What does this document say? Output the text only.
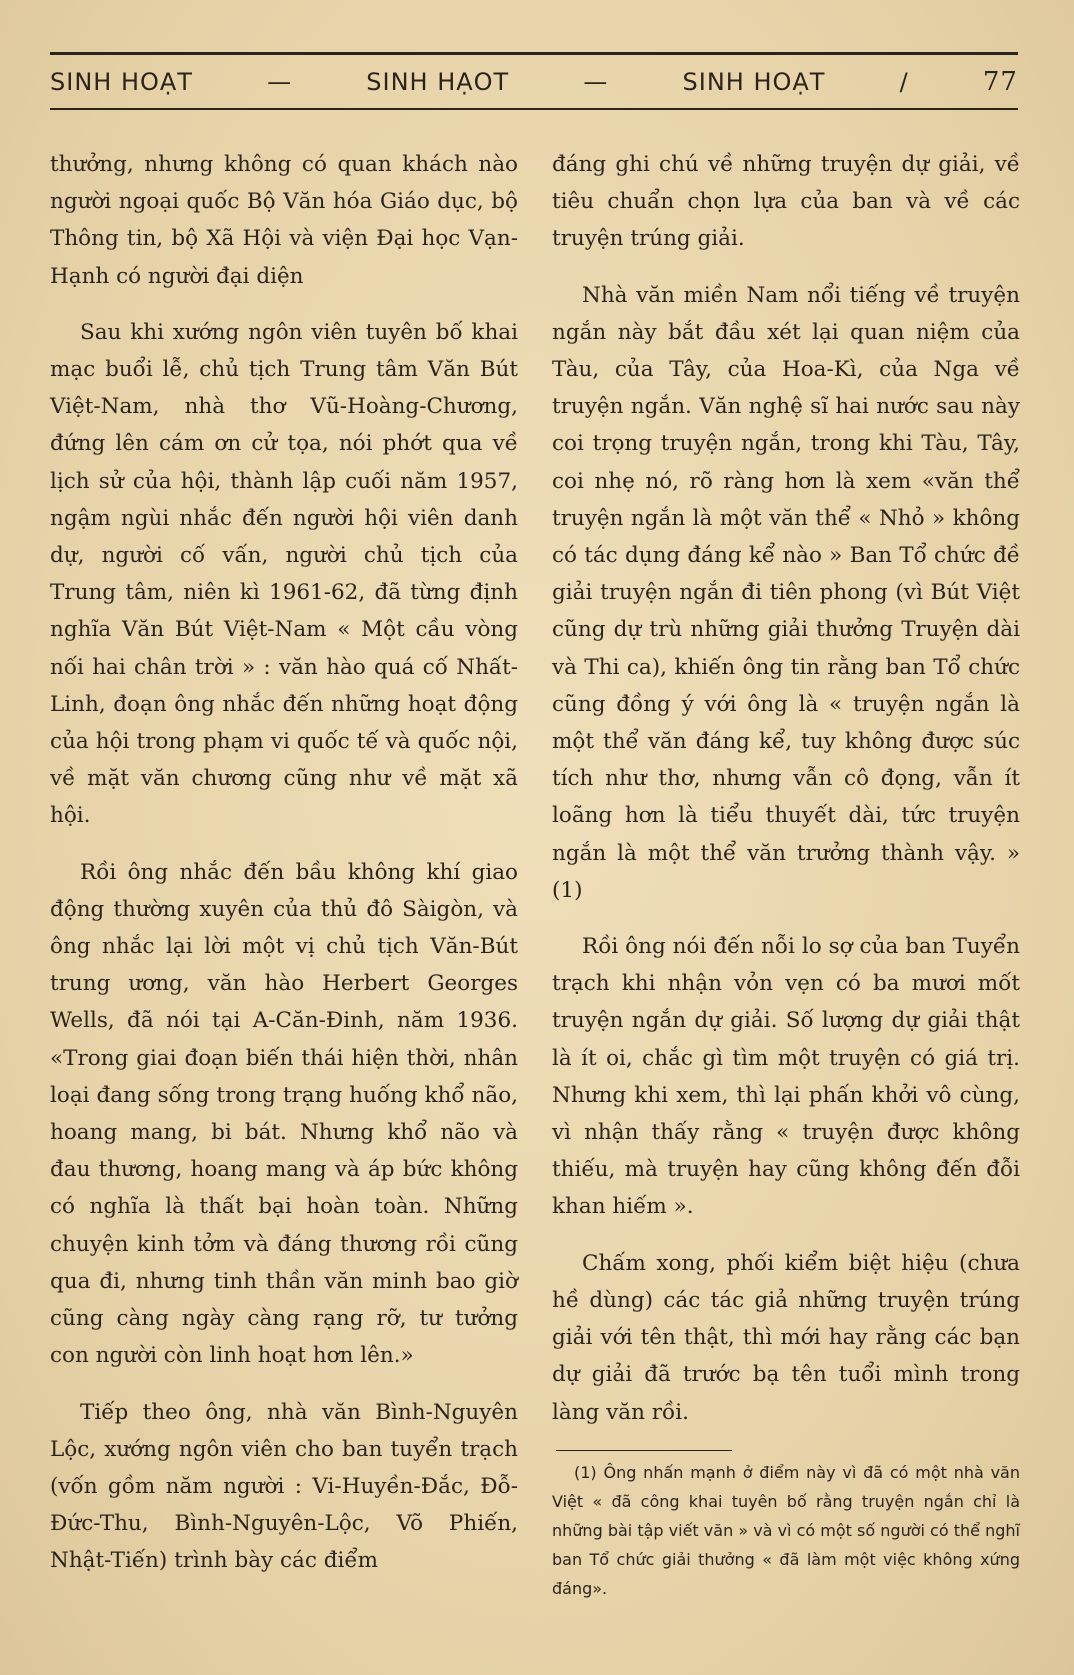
SINH HOẠT	—	SINH HẠOT	—	SINH HOẠT	/	77

thưởng, nhưng không có quan khách nào người ngoại quốc Bộ Văn hóa Giáo dục, bộ Thông tin, bộ Xã Hội và viện Đại học Vạn-Hạnh có người đại diện

Sau khi xướng ngôn viên tuyên bố khai mạc buổi lễ, chủ tịch Trung tâm Văn Bút Việt-Nam, nhà thơ Vũ-Hoàng-Chương, đứng lên cám ơn cử tọa, nói phớt qua về lịch sử của hội, thành lập cuối năm 1957, ngậm ngùi nhắc đến người hội viên danh dự, người cố vấn, người chủ tịch của Trung tâm, niên kì 1961-62, đã từng định nghĩa Văn Bút Việt-Nam « Một cầu vòng nối hai chân trời » : văn hào quá cố Nhất-Linh, đoạn ông nhắc đến những hoạt động của hội trong phạm vi quốc tế và quốc nội, về mặt văn chương cũng như về mặt xã hội.

Rồi ông nhắc đến bầu không khí giao động thường xuyên của thủ đô Sàigòn, và ông nhắc lại lời một vị chủ tịch Văn-Bút trung ương, văn hào Herbert Georges Wells, đã nói tại A-Căn-Đinh, năm 1936. «Trong giai đoạn biến thái hiện thời, nhân loại đang sống trong trạng huống khổ não, hoang mang, bi bát. Nhưng khổ não và đau thương, hoang mang và áp bức không có nghĩa là thất bại hoàn toàn. Những chuyện kinh tởm và đáng thương rồi cũng qua đi, nhưng tinh thần văn minh bao giờ cũng càng ngày càng rạng rỡ, tư tưởng con người còn linh hoạt hơn lên.»

Tiếp theo ông, nhà văn Bình-Nguyên Lộc, xướng ngôn viên cho ban tuyển trạch (vốn gồm năm người : Vi-Huyền-Đắc, Đỗ-Đức-Thu, Bình-Nguyên-Lộc, Võ Phiến, Nhật-Tiến) trình bày các điểm

đáng ghi chú về những truyện dự giải, về tiêu chuẩn chọn lựa của ban và về các truyện trúng giải.

Nhà văn miền Nam nổi tiếng về truyện ngắn này bắt đầu xét lại quan niệm của Tàu, của Tây, của Hoa-Kì, của Nga về truyện ngắn. Văn nghệ sĩ hai nước sau này coi trọng truyện ngắn, trong khi Tàu, Tây, coi nhẹ nó, rõ ràng hơn là xem «văn thể truyện ngắn là một văn thể « Nhỏ » không có tác dụng đáng kể nào » Ban Tổ chức đề giải truyện ngắn đi tiên phong (vì Bút Việt cũng dự trù những giải thưởng Truyện dài và Thi ca), khiến ông tin rằng ban Tổ chức cũng đồng ý với ông là « truyện ngắn là một thể văn đáng kể, tuy không được súc tích như thơ, nhưng vẫn cô đọng, vẫn ít loãng hơn là tiểu thuyết dài, tức truyện ngắn là một thể văn trưởng thành vậy. » (1)

Rồi ông nói đến nỗi lo sợ của ban Tuyển trạch khi nhận vỏn vẹn có ba mươi mốt truyện ngắn dự giải. Số lượng dự giải thật là ít oi, chắc gì tìm một truyện có giá trị. Nhưng khi xem, thì lại phấn khởi vô cùng, vì nhận thấy rằng « truyện được không thiếu, mà truyện hay cũng không đến đỗi khan hiếm ».

Chấm xong, phối kiểm biệt hiệu (chưa hề dùng) các tác giả những truyện trúng giải với tên thật, thì mới hay rằng các bạn dự giải đã trước bạ tên tuổi mình trong làng văn rồi.

(1) Ông nhấn mạnh ở điểm này vì đã có một nhà văn Việt « đã công khai tuyên bố rằng truyện ngắn chỉ là những bài tập viết văn » và vì có một số người có thể nghĩ ban Tổ chức giải thưởng « đã làm một việc không xứng đáng».
